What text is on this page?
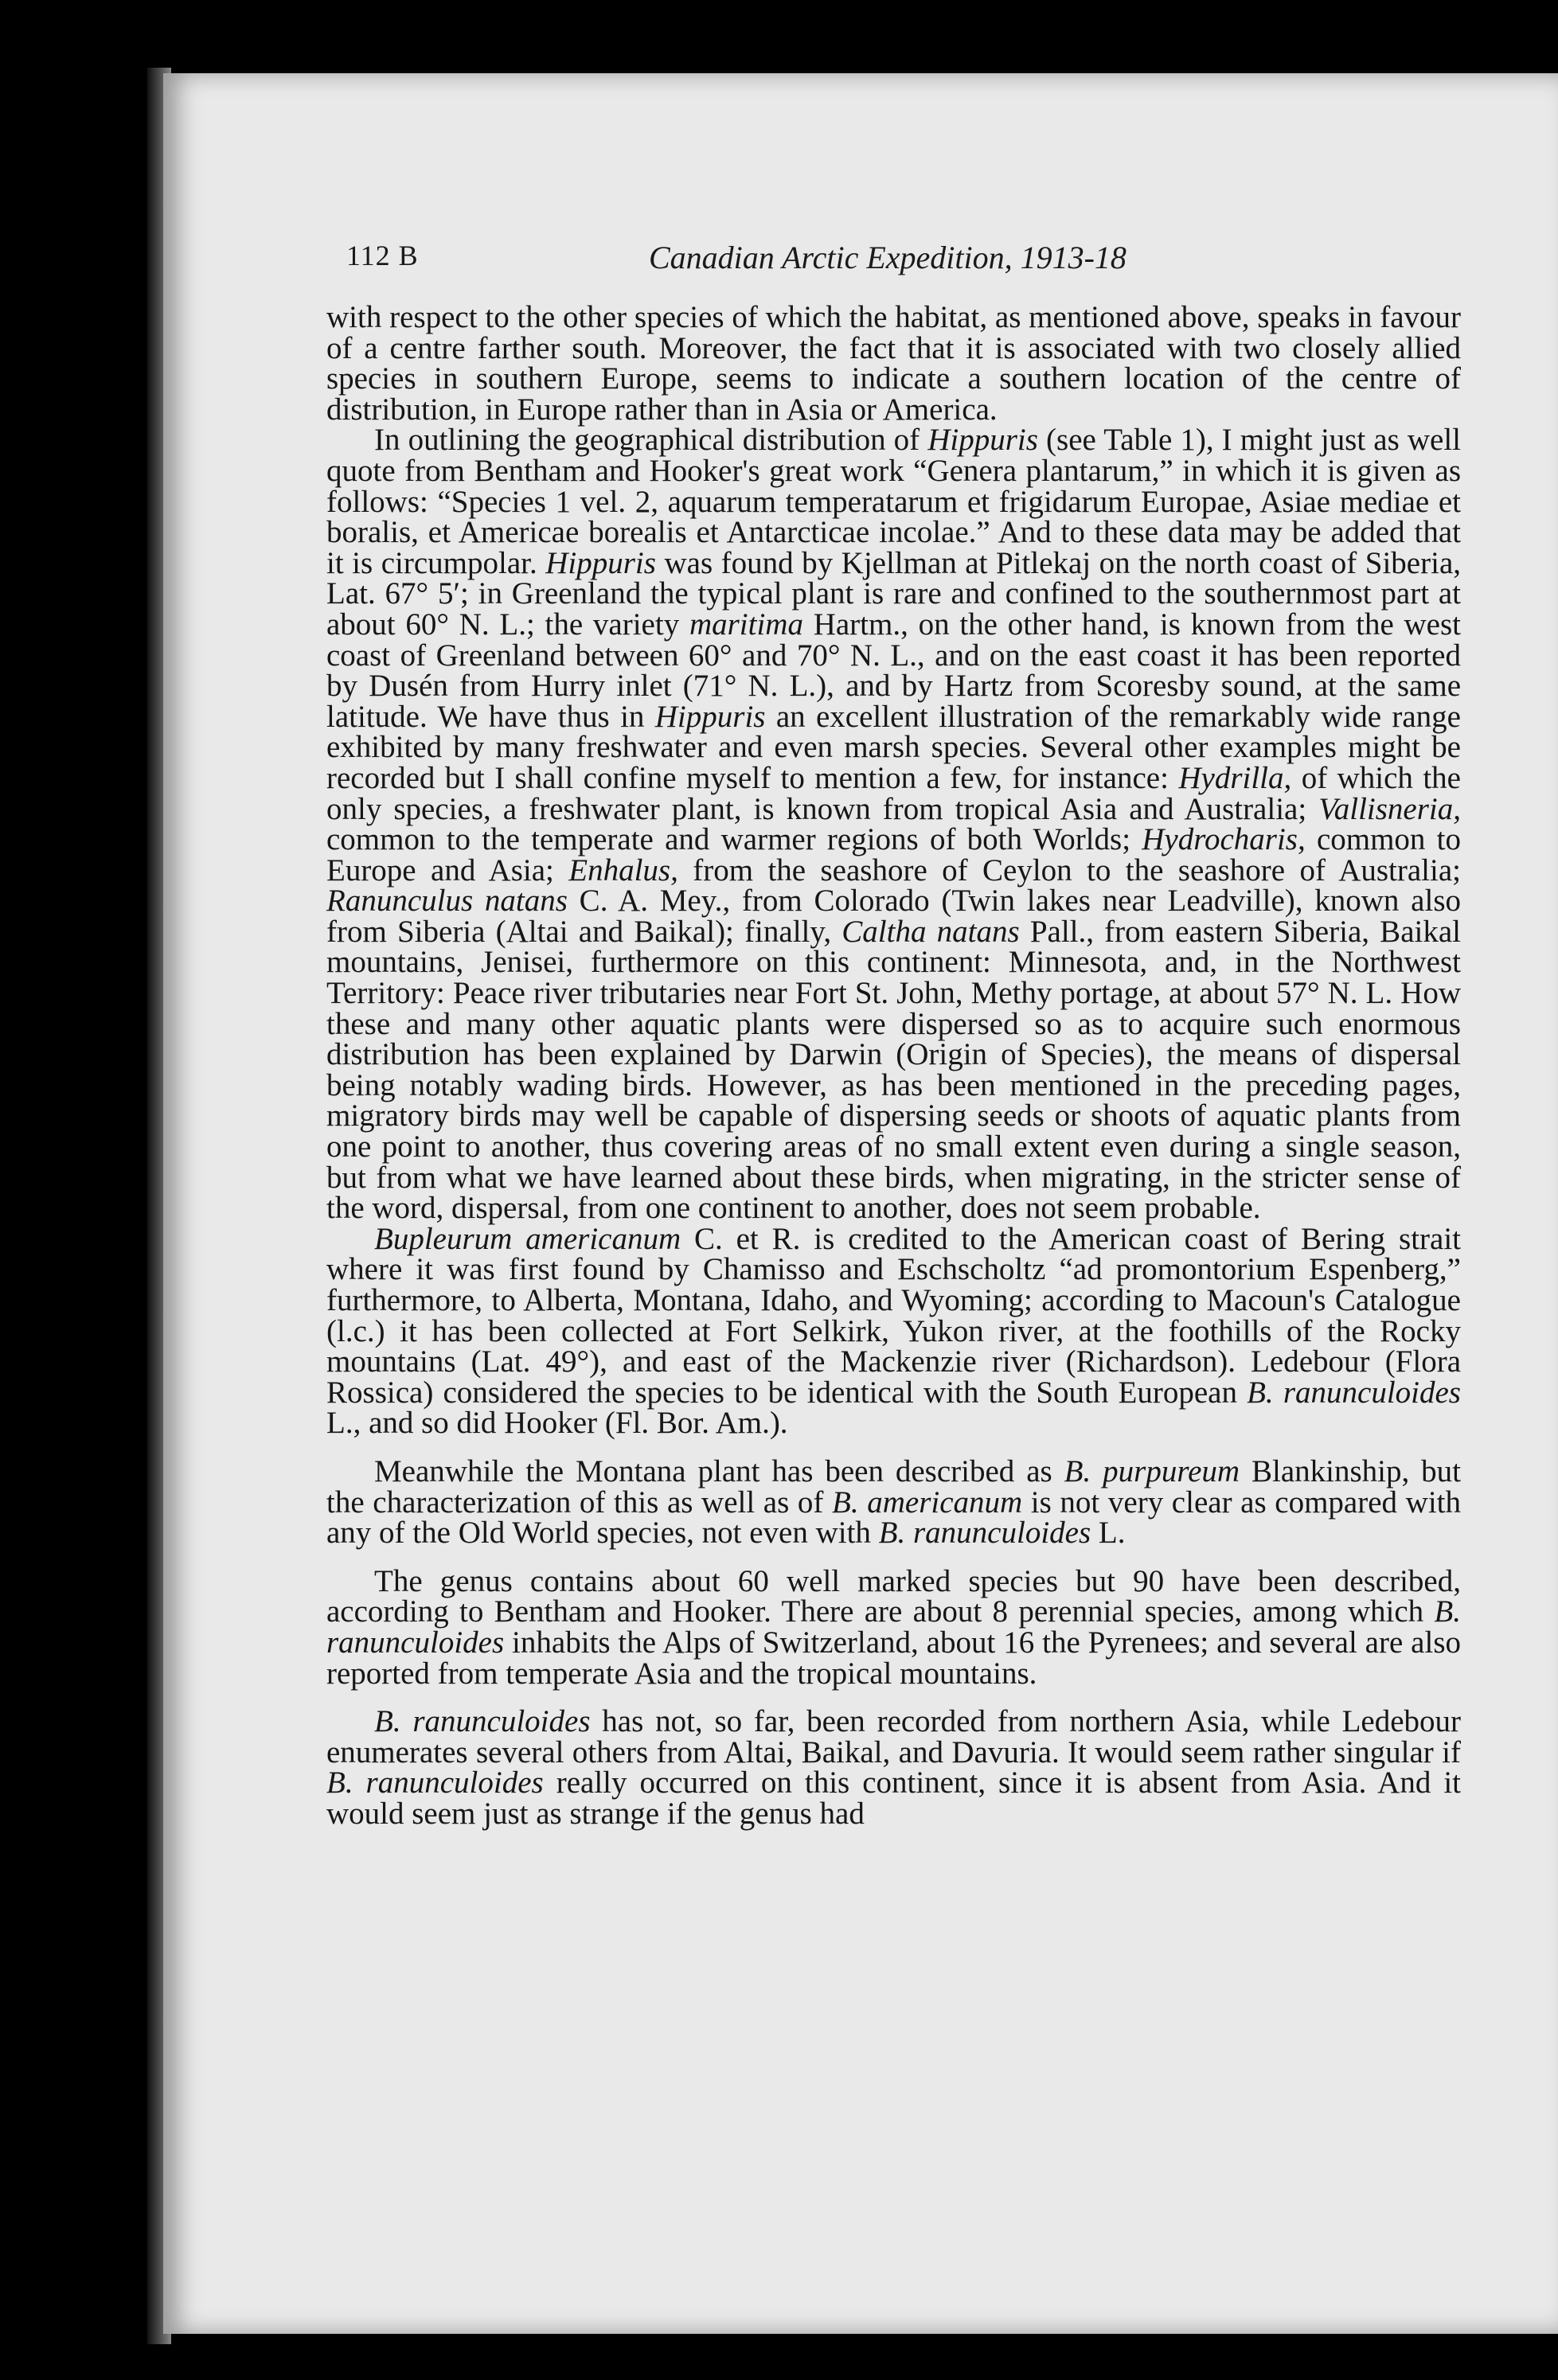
112 B	Canadian Arctic Expedition, 1913-18

with respect to the other species of which the habitat, as mentioned above, speaks in favour of a centre farther south. Moreover, the fact that it is associated with two closely allied species in southern Europe, seems to indicate a southern location of the centre of distribution, in Europe rather than in Asia or America.

In outlining the geographical distribution of Hippuris (see Table 1), I might just as well quote from Bentham and Hooker's great work “Genera plantarum,” in which it is given as follows: “Species 1 vel. 2, aquarum temperatarum et frigidarum Europae, Asiae mediae et boralis, et Americae borealis et Antarcticae incolae.” And to these data may be added that it is circumpolar. Hippuris was found by Kjellman at Pitlekaj on the north coast of Siberia, Lat. 67° 5′; in Greenland the typical plant is rare and confined to the southernmost part at about 60° N. L.; the variety maritima Hartm., on the other hand, is known from the west coast of Greenland between 60° and 70° N. L., and on the east coast it has been reported by Dusén from Hurry inlet (71° N. L.), and by Hartz from Scoresby sound, at the same latitude. We have thus in Hippuris an excellent illustration of the remarkably wide range exhibited by many freshwater and even marsh species. Several other examples might be recorded but I shall confine myself to mention a few, for instance: Hydrilla, of which the only species, a freshwater plant, is known from tropical Asia and Australia; Vallisneria, common to the temperate and warmer regions of both Worlds; Hydrocharis, common to Europe and Asia; Enhalus, from the seashore of Ceylon to the seashore of Australia; Ranunculus natans C. A. Mey., from Colorado (Twin lakes near Leadville), known also from Siberia (Altai and Baikal); finally, Caltha natans Pall., from eastern Siberia, Baikal mountains, Jenisei, furthermore on this continent: Minnesota, and, in the Northwest Territory: Peace river tributaries near Fort St. John, Methy portage, at about 57° N. L. How these and many other aquatic plants were dispersed so as to acquire such enormous distribution has been explained by Darwin (Origin of Species), the means of dispersal being notably wading birds. However, as has been mentioned in the preceding pages, migratory birds may well be capable of dispersing seeds or shoots of aquatic plants from one point to another, thus covering areas of no small extent even during a single season, but from what we have learned about these birds, when migrating, in the stricter sense of the word, dispersal, from one continent to another, does not seem probable.

Bupleurum americanum C. et R. is credited to the American coast of Bering strait where it was first found by Chamisso and Eschscholtz “ad promontorium Espenberg,” furthermore, to Alberta, Montana, Idaho, and Wyoming; according to Macoun's Catalogue (l.c.) it has been collected at Fort Selkirk, Yukon river, at the foothills of the Rocky mountains (Lat. 49°), and east of the Mackenzie river (Richardson). Ledebour (Flora Rossica) considered the species to be identical with the South European B. ranunculoides L., and so did Hooker (Fl. Bor. Am.).

Meanwhile the Montana plant has been described as B. purpureum Blankinship, but the characterization of this as well as of B. americanum is not very clear as compared with any of the Old World species, not even with B. ranunculoides L.

The genus contains about 60 well marked species but 90 have been described, according to Bentham and Hooker. There are about 8 perennial species, among which B. ranunculoides inhabits the Alps of Switzerland, about 16 the Pyrenees; and several are also reported from temperate Asia and the tropical mountains.

B. ranunculoides has not, so far, been recorded from northern Asia, while Ledebour enumerates several others from Altai, Baikal, and Davuria. It would seem rather singular if B. ranunculoides really occurred on this continent, since it is absent from Asia. And it would seem just as strange if the genus had
